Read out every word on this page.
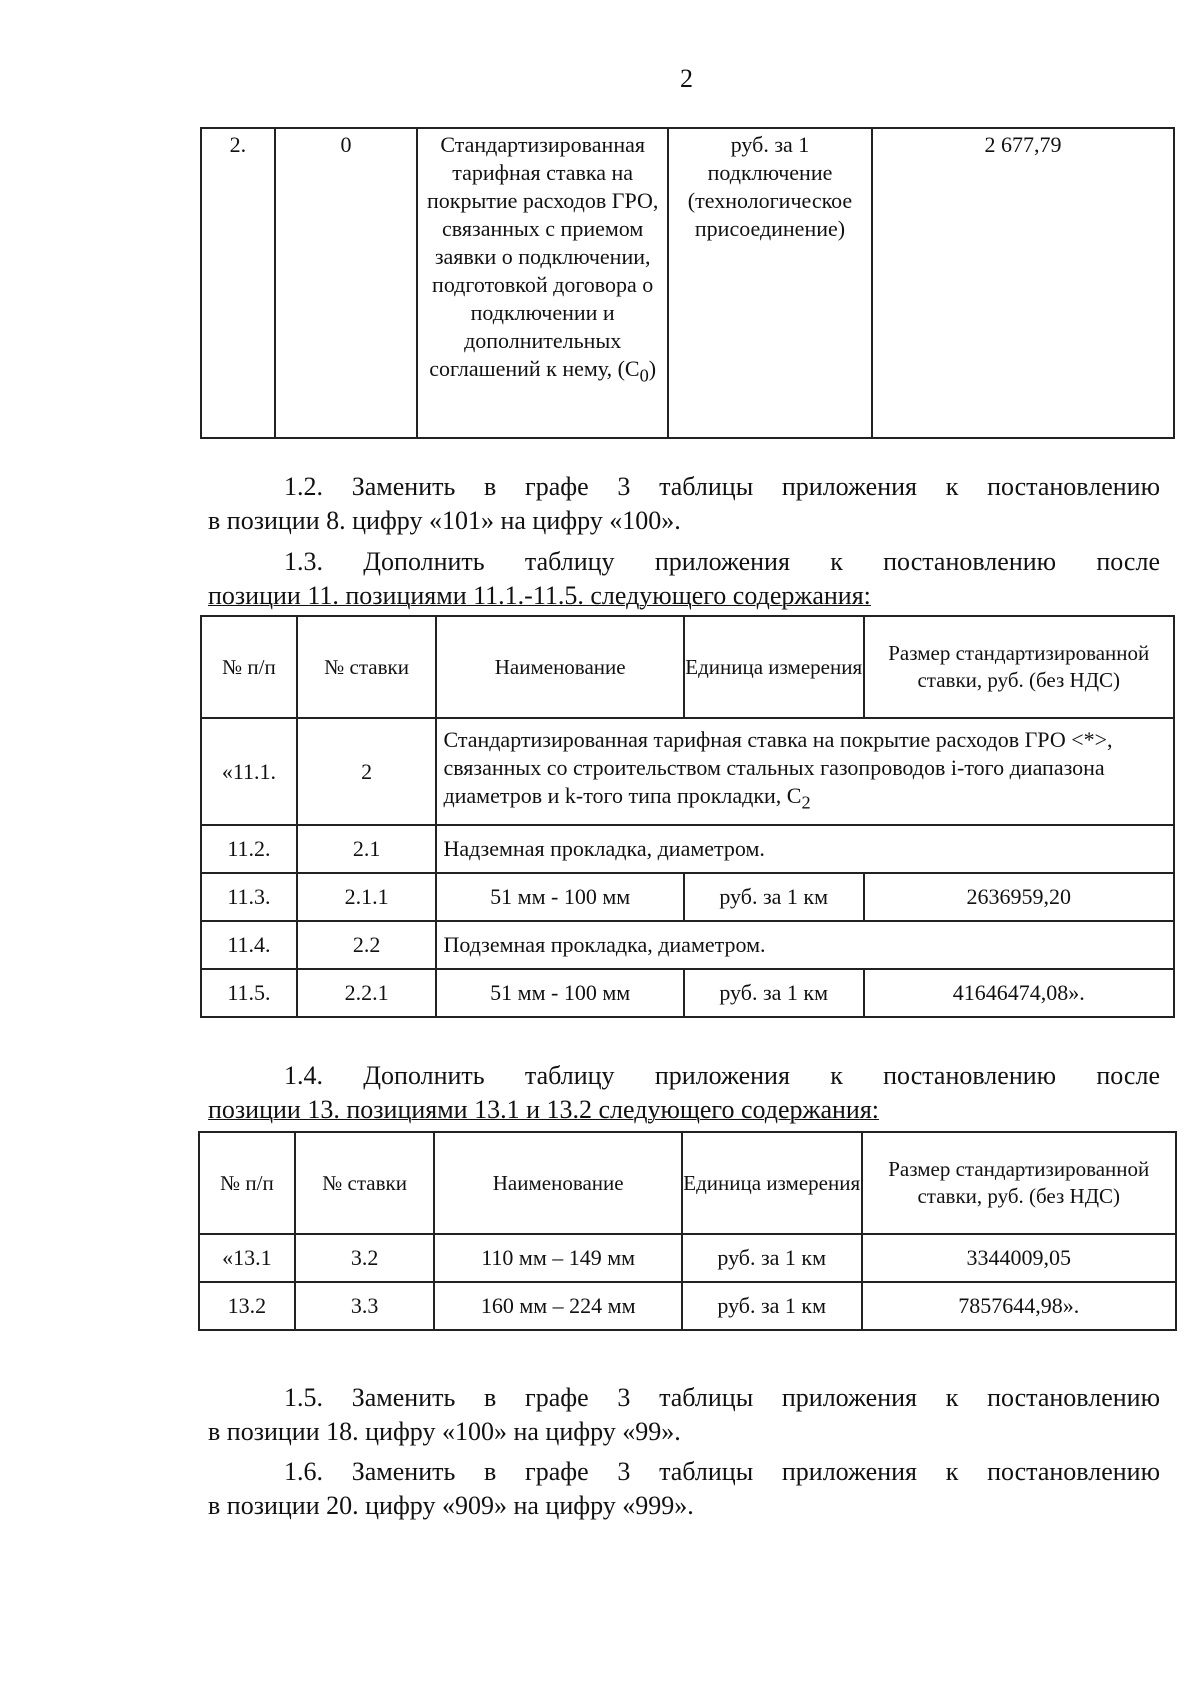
2
2.	0	Стандартизированная тарифная ставка на покрытие расходов ГРО, связанных с приемом заявки о подключении, подготовкой договора о подключении и дополнительных соглашений к нему, $(С_0)$	руб. за 1 подключение (технологическое присоединение)	2 677,79
1.2. Заменить в графе 3 таблицы приложения к постановлению
в позиции 8. цифру «101» на цифру «100».
1.3. Дополнить таблицу приложения к постановлению после
позиции 11. позициями 11.1.-11.5. следующего содержания:
№ п/п	№ ставки	Наименование	Единица измерения	Размер стандартизированной ставки, руб. (без НДС)
«11.1.	2	Стандартизированная тарифная ставка на покрытие расходов ГРО <*>, связанных со строительством стальных газопроводов i-того диапазона диаметров и k-того типа прокладки, $C_2$
11.2.	2.1	Надземная прокладка, диаметром.		
11.3.	2.1.1	51 мм - 100 мм	руб. за 1 км	2636959,20
11.4.	2.2	Подземная прокладка, диаметром.		
11.5.	2.2.1	51 мм - 100 мм	руб. за 1 км	41646474,08».
1.4. Дополнить таблицу приложения к постановлению после
позиции 13. позициями 13.1 и 13.2 следующего содержания:
№ п/п	№ ставки	Наименование	Единица измерения	Размер стандартизированной ставки, руб. (без НДС)
«13.1	3.2	110 мм – 149 мм	руб. за 1 км	3344009,05
13.2	3.3	160 мм – 224 мм	руб. за 1 км	7857644,98».
1.5. Заменить в графе 3 таблицы приложения к постановлению
в позиции 18. цифру «100» на цифру «99».
1.6. Заменить в графе 3 таблицы приложения к постановлению
в позиции 20. цифру «909» на цифру «999».
